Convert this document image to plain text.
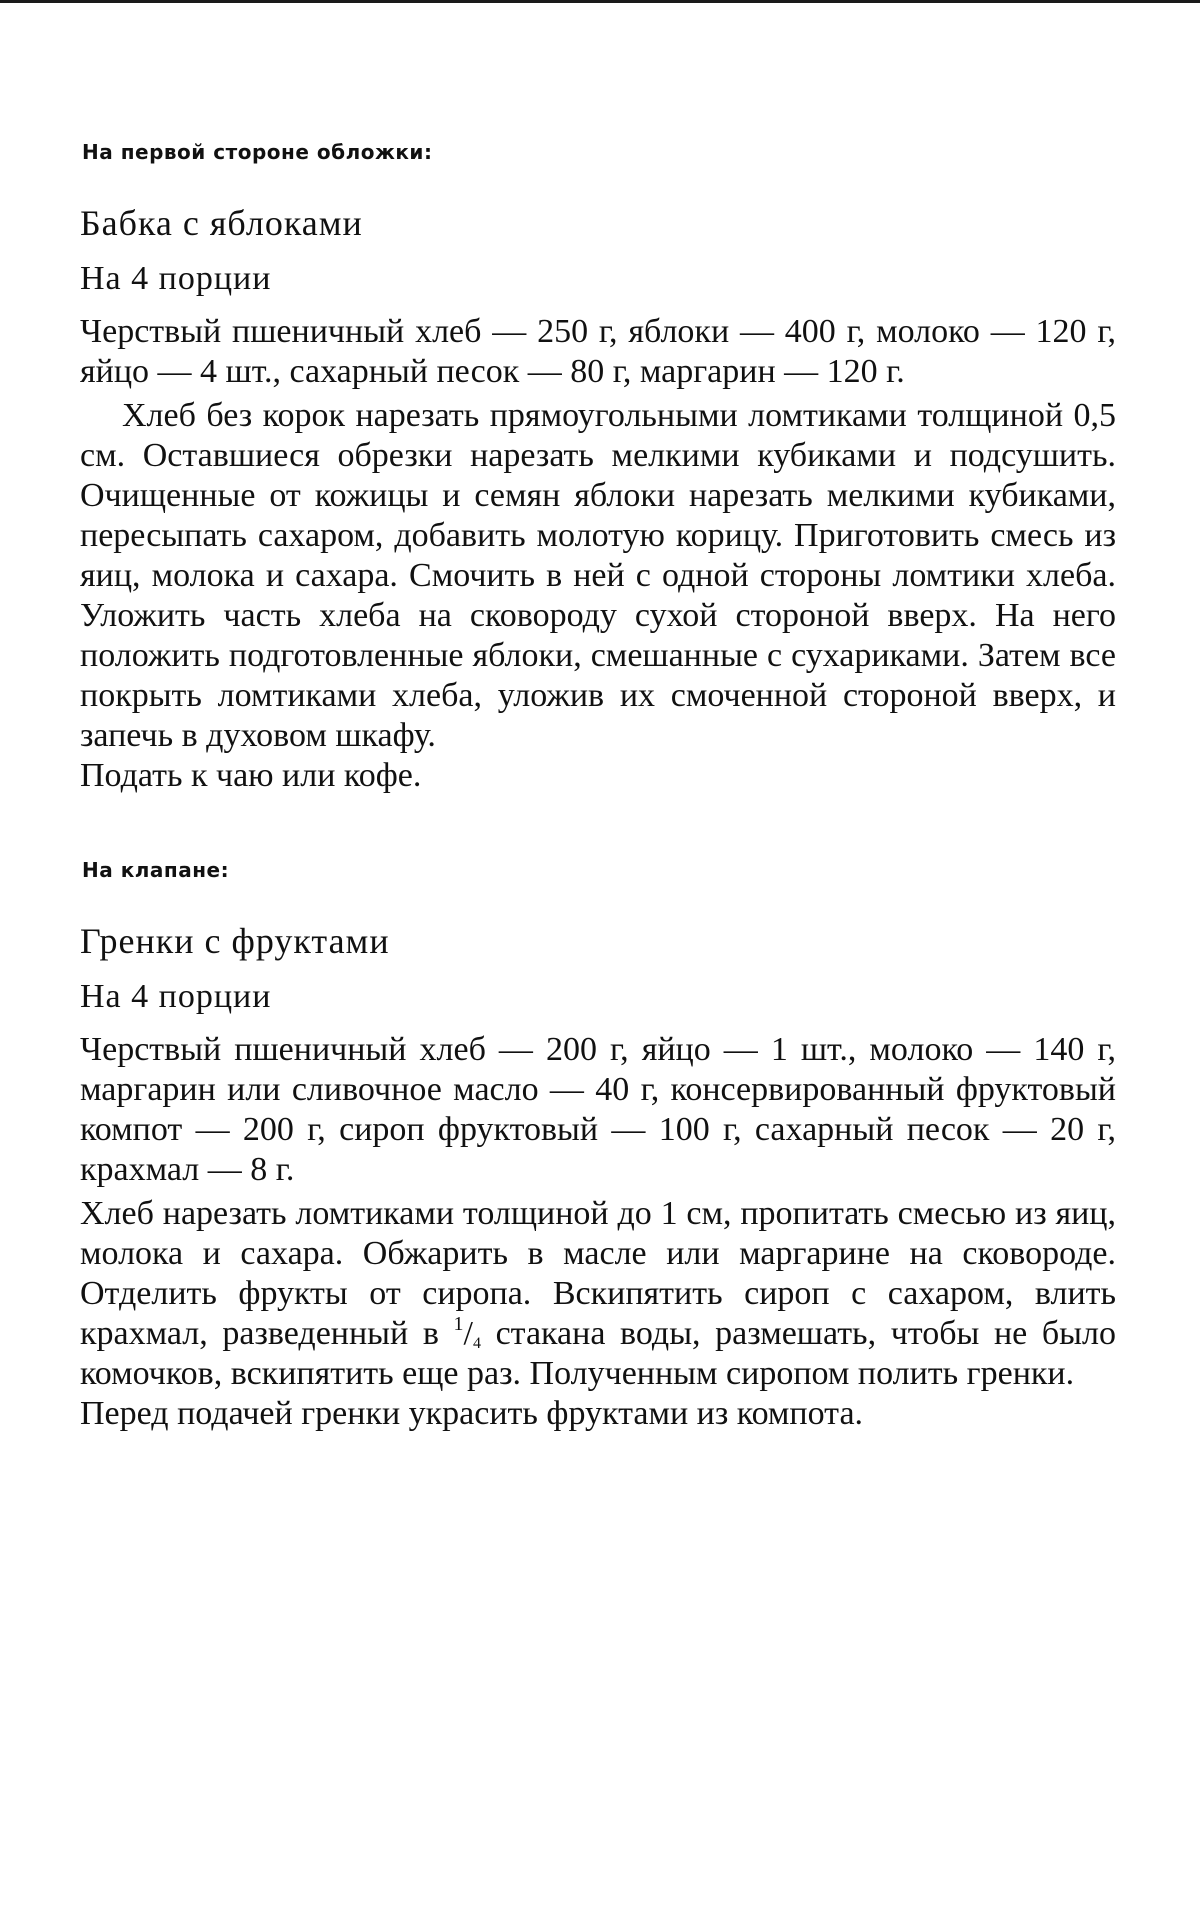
На первой стороне обложки:
Бабка с яблоками
На 4 порции

Черствый пшеничный хлеб — 250 г, яблоки — 400 г, молоко — 120 г, яйцо — 4 шт., сахарный песок — 80 г, маргарин — 120 г.

Хлеб без корок нарезать прямоугольными ломтиками толщиной 0,5 см. Оставшиеся обрезки нарезать мелкими кубиками и подсушить. Очищенные от кожицы и семян яблоки нарезать мелкими кубиками, пересыпать сахаром, добавить молотую корицу. Приготовить смесь из яиц, молока и сахара. Смочить в ней с одной стороны ломтики хлеба. Уложить часть хлеба на сковороду сухой стороной вверх. На него положить подготовленные яблоки, смешанные с сухариками. Затем все покрыть ломтиками хлеба, уложив их смоченной стороной вверх, и запечь в духовом шкафу.

Подать к чаю или кофе.

На клапане:
Гренки с фруктами
На 4 порции

Черствый пшеничный хлеб — 200 г, яйцо — 1 шт., молоко — 140 г, маргарин или сливочное масло — 40 г, консервированный фруктовый компот — 200 г, сироп фруктовый — 100 г, сахарный песок — 20 г, крахмал — 8 г.

Хлеб нарезать ломтиками толщиной до 1 см, пропитать смесью из яиц, молока и сахара. Обжарить в масле или маргарине на сковороде. Отделить фрукты от сиропа. Вскипятить сироп с сахаром, влить крахмал, разведенный в 1/4 стакана воды, размешать, чтобы не было комочков, вскипятить еще раз. Полученным сиропом полить гренки.

Перед подачей гренки украсить фруктами из компота.
